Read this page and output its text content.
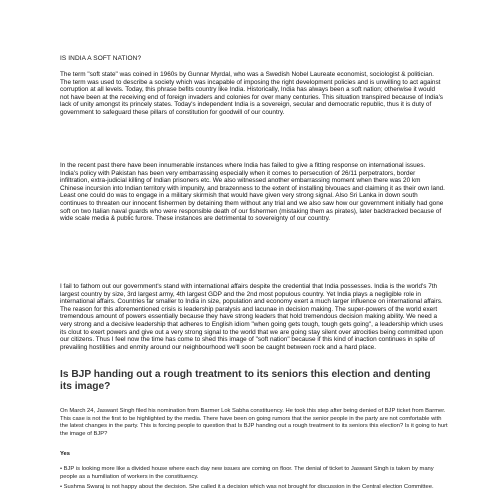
IS INDIA A SOFT NATION?

The term "soft state" was coined in 1960s by Gunnar Myrdal, who was a Swedish Nobel Laureate economist, sociologist & politician. The term was used to describe a society which was incapable of imposing the right development policies and is unwilling to act against corruption at all levels. Today, this phrase befits country like India. Historically, India has always been a soft nation; otherwise it would not have been at the receiving end of foreign invaders and colonies for over many centuries. This situation transpired because of India's lack of unity amongst its princely states. Today's independent India is a sovereign, secular and democratic republic, thus it is duty of government to safeguard these pillars of constitution for goodwill of our country.

In the recent past there have been innumerable instances where India has failed to give a fitting response on international issues. India's policy with Pakistan has been very embarrassing especially when it comes to persecution of 26/11 perpetrators, border infiltration, extra-judicial killing of Indian prisoners etc. We also witnessed another embarrassing moment when there was 20 km Chinese incursion into Indian territory with impunity, and brazenness to the extent of installing bivouacs and claiming it as their own land. Least one could do was to engage in a military skirmish that would have given very strong signal. Also Sri Lanka in down south continues to threaten our innocent fishermen by detaining them without any trial and we also saw how our government initially had gone soft on two Italian naval guards who were responsible death of our fishermen (mistaking them as pirates), later backtracked because of wide scale media & public furore. These instances are detrimental to sovereignty of our country.

I fail to fathom out our government's stand with international affairs despite the credential that India possesses. India is the world's 7th largest country by size, 3rd largest army, 4th largest GDP and the 2nd most populous country. Yet India plays a negligible role in international affairs. Countries far smaller to India in size, population and economy exert a much larger influence on international affairs. The reason for this aforementioned crisis is leadership paralysis and lacunae in decision making. The super-powers of the world exert tremendous amount of powers essentially because they have strong leaders that hold tremendous decision making ability. We need a very strong and a decisive leadership that adheres to English idiom "when going gets tough, tough gets going", a leadership which uses its clout to exert powers and give out a very strong signal to the world that we are going stay silent over atrocities being committed upon our citizens. Thus I feel now the time has come to shed this image of "soft nation" because if this kind of inaction continues in spite of prevailing hostilities and enmity around our neighbourhood we'll soon be caught between rock and a hard place.

Is BJP handing out a rough treatment to its seniors this election and denting its image?

On March 24, Jaswant Singh filed his nomination from Barmer Lok Sabha constituency. He took this step after being denied of BJP ticket from Barmer. This case is not the first to be highlighted by the media. There have been on going rumors that the senior people in the party are not comfortable with the latest changes in the party. This is forcing people to question that Is BJP handing out a rough treatment to its seniors this election? Is it going to hurt the image of BJP?

Yes

• BJP is looking more like a divided house where each day new issues are coming on floor. The denial of ticket to Jaswant Singh is taken by many people as a humiliation of workers in the constituency.

• Sushma Swaraj is not happy about the decision. She called it a decision which was not brought for discussion in the Central election Committee.
